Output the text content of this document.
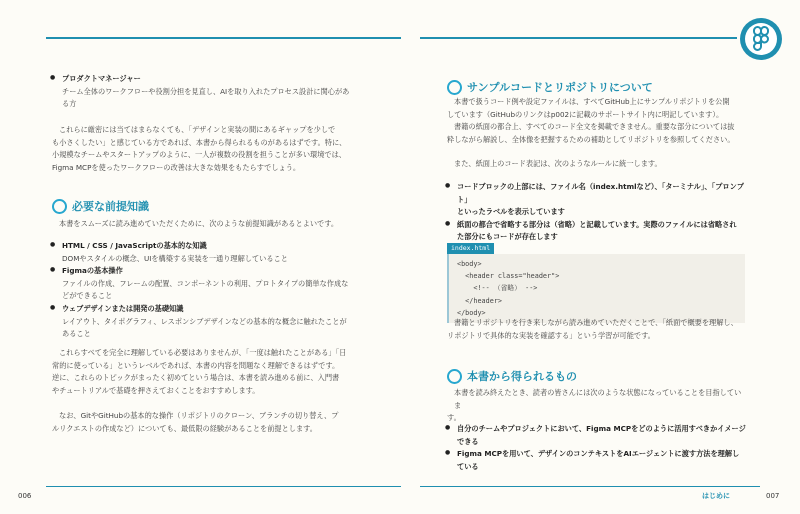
● プロダクトマネージャー
チーム全体のワークフローや役割分担を見直し、AIを取り入れたプロセス設計に関心があ
る方

これらに厳密には当てはまらなくても、「デザインと実装の間にあるギャップを少しで

も小さくしたい」と感じている方であれば、本書から得られるものがあるはずです。特に、

小規模なチームやスタートアップのように、一人が複数の役割を担うことが多い環境では、

Figma MCPを使ったワークフローの改善は大きな効果をもたらすでしょう。

必要な前提知識

本書をスムーズに読み進めていただくために、次のような前提知識があるとよいです。

● HTML / CSS / JavaScriptの基本的な知識
DOMやスタイルの概念、UIを構築する実装を一通り理解していること
● Figmaの基本操作
ファイルの作成、フレームの配置、コンポーネントの利用、プロトタイプの簡単な作成な
どができること
● ウェブデザインまたは開発の基礎知識
レイアウト、タイポグラフィ、レスポンシブデザインなどの基本的な概念に触れたことが
あること

これらすべてを完全に理解している必要はありませんが、「一度は触れたことがある」「日

常的に使っている」というレベルであれば、本書の内容を問題なく理解できるはずです。

逆に、これらのトピックがまったく初めてという場合は、本書を読み進める前に、入門書

やチュートリアルで基礎を押さえておくことをおすすめします。

なお、GitやGitHubの基本的な操作（リポジトリのクローン、ブランチの切り替え、プ

ルリクエストの作成など）についても、最低限の経験があることを前提とします。

サンプルコードとリポジトリについて

本書で扱うコード例や設定ファイルは、すべてGitHub上にサンプルリポジトリを公開

しています（GitHubのリンクはp002に記載のサポートサイト内に明記しています）。

書籍の紙面の都合上、すべてのコード全文を掲載できません。重要な部分については抜

粋しながら解説し、全体像を把握するための補助としてリポジトリを参照してください。

また、紙面上のコード表記は、次のようなルールに統一します。

● コードブロックの上部には、ファイル名（index.htmlなど）、「ターミナル」、「プロンプト」
といったラベルを表示しています
● 紙面の都合で省略する部分は（省略）と記載しています。実際のファイルには省略され
た部分にもコードが存在します
index.html
<body>
<header class="header">
<!-- （省略） -->
</header>
</body>

書籍とリポジトリを行き来しながら読み進めていただくことで、「紙面で概要を理解し、

リポジトリで具体的な実装を確認する」という学習が可能です。

本書から得られるもの

本書を読み終えたとき、読者の皆さんには次のような状態になっていることを目指していま

す。

● 自分のチームやプロジェクトにおいて、Figma MCPをどのように活用すべきかイメージ
できる
● Figma MCPを用いて、デザインのコンテキストをAIエージェントに渡す方法を理解し
ている
006	はじめに	007
